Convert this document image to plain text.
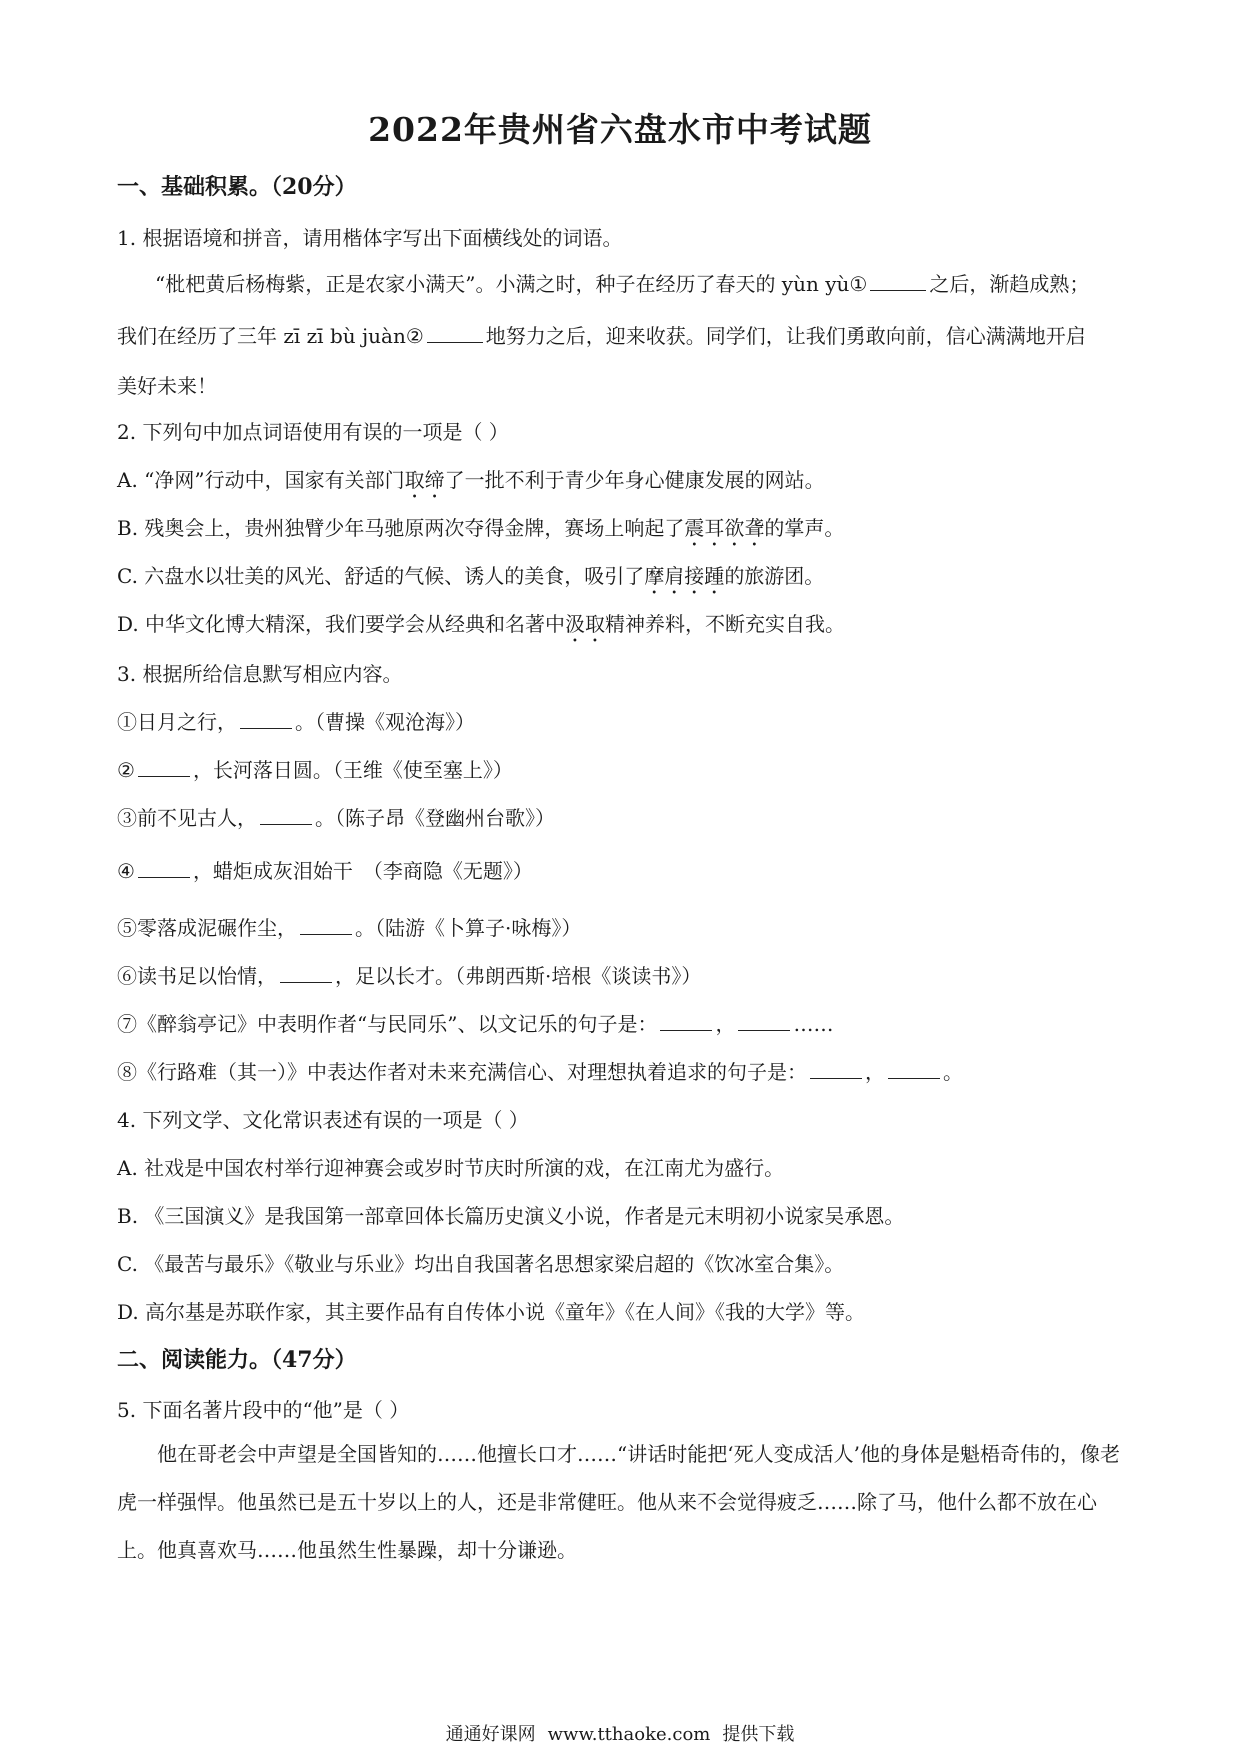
2022年贵州省六盘水市中考试题
一、基础积累。（20分）
1. 根据语境和拼音，请用楷体字写出下面横线处的词语。
“枇杷黄后杨梅紫，正是农家小满天”。小满之时，种子在经历了春天的 yùn yù①	之后，渐趋成熟；
我们在经历了三年 zī zī bù juàn②	地努力之后，迎来收获。同学们，让我们勇敢向前，信心满满地开启
美好未来！
2. 下列句中加点词语使用有误的一项是（ ）
A. “净网”行动中，国家有关部门取缔了一批不利于青少年身心健康发展的网站。
B. 残奥会上，贵州独臂少年马驰原两次夺得金牌，赛场上响起了震耳欲聋的掌声。
C. 六盘水以壮美的风光、舒适的气候、诱人的美食，吸引了摩肩接踵的旅游团。
D. 中华文化博大精深，我们要学会从经典和名著中汲取精神养料，不断充实自我。
3. 根据所给信息默写相应内容。
①日月之行，	。（曹操《观沧海》）
②	，长河落日圆。（王维《使至塞上》）
③前不见古人，	。（陈子昂《登幽州台歌》）
④	，蜡炬成灰泪始干　（李商隐《无题》）
⑤零落成泥碾作尘，	。（陆游《卜算子·咏梅》）
⑥读书足以怡情，	，足以长才。（弗朗西斯·培根《谈读书》）
⑦《醉翁亭记》中表明作者“与民同乐”、以文记乐的句子是：	，	……
⑧《行路难（其一）》中表达作者对未来充满信心、对理想执着追求的句子是：	，	。
4. 下列文学、文化常识表述有误的一项是（ ）
A. 社戏是中国农村举行迎神赛会或岁时节庆时所演的戏，在江南尤为盛行。
B. 《三国演义》是我国第一部章回体长篇历史演义小说，作者是元末明初小说家吴承恩。
C. 《最苦与最乐》《敬业与乐业》均出自我国著名思想家梁启超的《饮冰室合集》。
D. 高尔基是苏联作家，其主要作品有自传体小说《童年》《在人间》《我的大学》等。
二、阅读能力。（47分）
5. 下面名著片段中的“他”是（ ）
他在哥老会中声望是全国皆知的……他擅长口才……“讲话时能把‘死人变成活人’他的身体是魁梧奇伟的，像老虎一样强悍。他虽然已是五十岁以上的人，还是非常健旺。他从来不会觉得疲乏……除了马，他什么都不放在心上。他真喜欢马……他虽然生性暴躁，却十分谦逊。
通通好课网 www.tthaoke.com 提供下载
